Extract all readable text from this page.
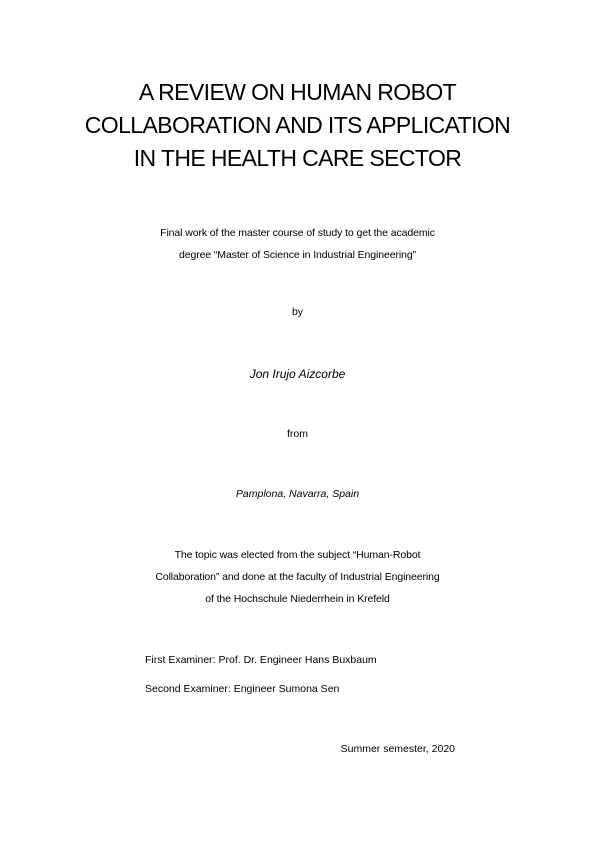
A REVIEW ON HUMAN ROBOT
COLLABORATION AND ITS APPLICATION
IN THE HEALTH CARE SECTOR

Final work of the master course of study to get the academic
degree “Master of Science in Industrial Engineering”

by

Jon Irujo Aizcorbe

from

Pamplona, Navarra, Spain

The topic was elected from the subject “Human-Robot
Collaboration” and done at the faculty of Industrial Engineering
of the Hochschule Niederrhein in Krefeld

First Examiner: Prof. Dr. Engineer Hans Buxbaum

Second Examiner: Engineer Sumona Sen

Summer semester, 2020
